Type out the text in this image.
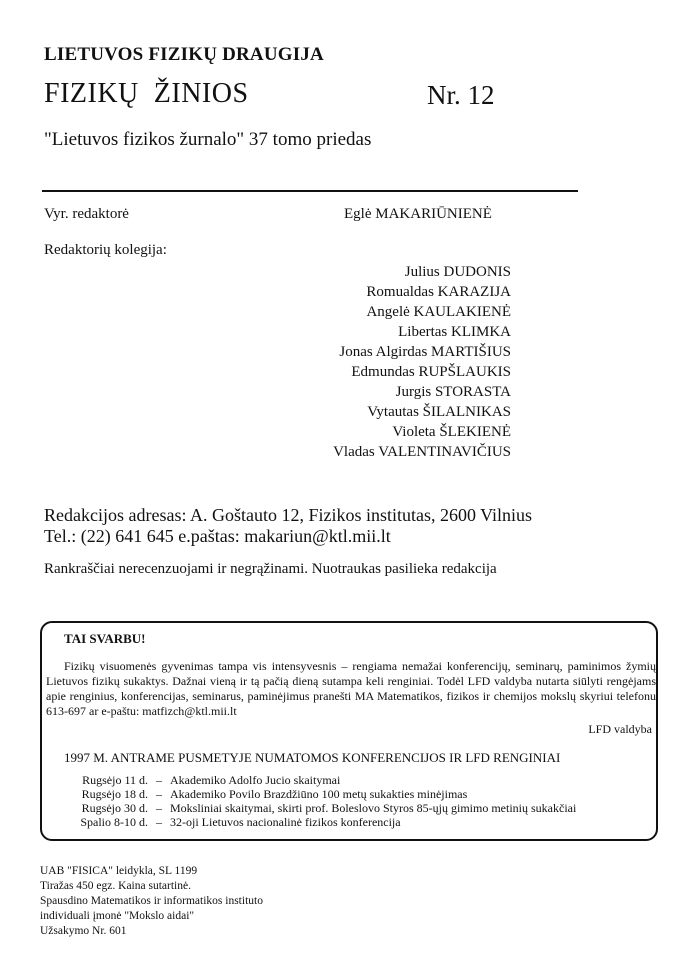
LIETUVOS FIZIKŲ DRAUGIJA
FIZIKŲ  ŽINIOS	Nr. 12
"Lietuvos fizikos žurnalo" 37 tomo priedas
Vyr. redaktorė	Eglė MAKARIŪNIENĖ
Redaktorių kolegija:
Julius DUDONIS
Romualdas KARAZIJA
Angelė KAULAKIENĖ
Libertas KLIMKA
Jonas Algirdas MARTIŠIUS
Edmundas RUPŠLAUKIS
Jurgis STORASTA
Vytautas ŠILALNIKAS
Violeta ŠLEKIENĖ
Vladas VALENTINAVIČIUS
Redakcijos adresas: A. Goštauto 12, Fizikos institutas, 2600 Vilnius
Tel.: (22) 641 645 e.paštas: makariun@ktl.mii.lt
Rankraščiai nerecenzuojami ir negrąžinami. Nuotraukas pasilieka redakcija
TAI SVARBU!

Fizikų visuomenės gyvenimas tampa vis intensyvesnis – rengiama nemažai konferencijų, seminarų, paminimos žymių Lietuvos fizikų sukaktys. Dažnai vieną ir tą pačią dieną sutampa keli renginiai. Todėl LFD valdyba nutarta siūlyti rengėjams apie renginius, konferencijas, seminarus, paminėjimus pranešti MA Matematikos, fizikos ir chemijos mokslų skyriui telefonu 613-697 ar e-paštu: matfizch@ktl.mii.lt

LFD valdyba
1997 M. ANTRAME PUSMETYJE NUMATOMOS KONFERENCIJOS IR LFD RENGINIAI
Rugsėjo 11 d. – Akademiko Adolfo Jucio skaitymai
Rugsėjo 18 d. – Akademiko Povilo Brazdžiūno 100 metų sukakties minėjimas
Rugsėjo 30 d. – Moksliniai skaitymai, skirti prof. Boleslovo Styros 85-ųjų gimimo metinių sukakčiai
Spalio 8-10 d. – 32-oji Lietuvos nacionalinė fizikos konferencija
UAB "FISICA" leidykla, SL 1199
Tiražas 450 egz. Kaina sutartinė.
Spausdino Matematikos ir informatikos instituto
individuali įmonė "Mokslo aidai"
Užsakymo Nr. 601
